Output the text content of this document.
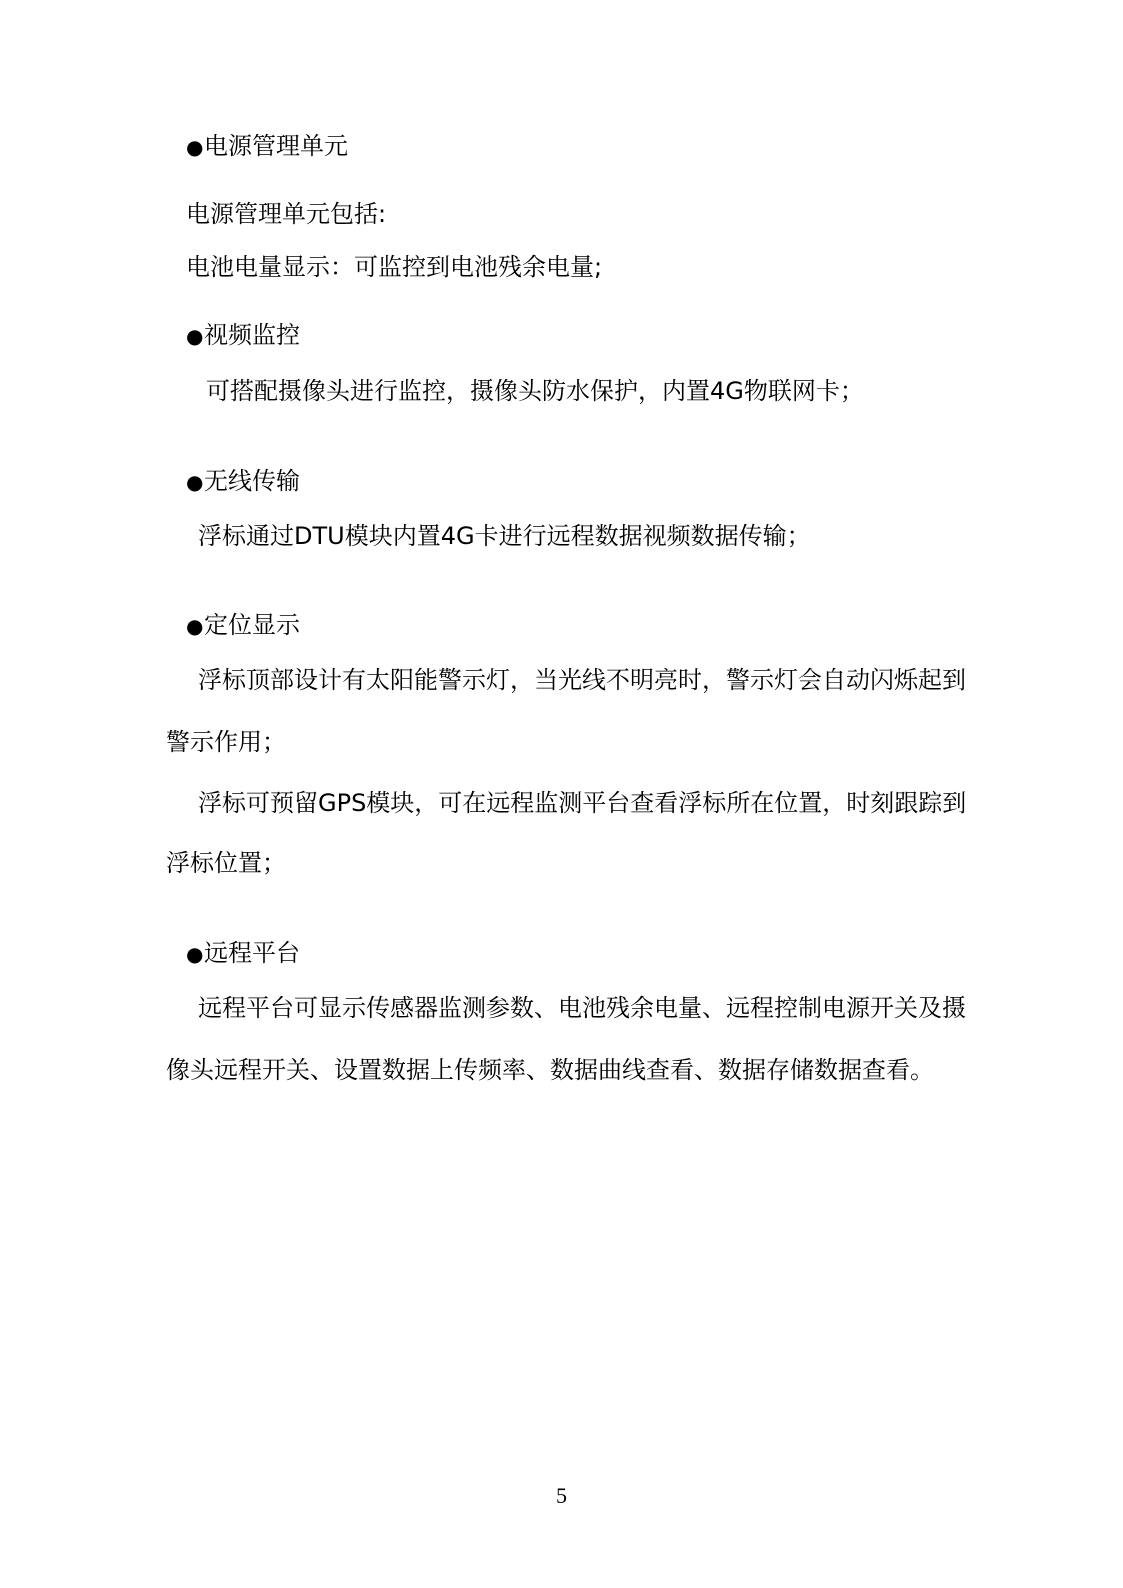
●电源管理单元
电源管理单元包括:
电池电量显示：可监控到电池残余电量;
●视频监控
可搭配摄像头进行监控，摄像头防水保护，内置4G物联网卡；
●无线传输
浮标通过DTU模块内置4G卡进行远程数据视频数据传输；
●定位显示
浮标顶部设计有太阳能警示灯，当光线不明亮时，警示灯会自动闪烁起到
警示作用；
浮标可预留GPS模块，可在远程监测平台查看浮标所在位置，时刻跟踪到
浮标位置；
●远程平台
远程平台可显示传感器监测参数、电池残余电量、远程控制电源开关及摄
像头远程开关、设置数据上传频率、数据曲线查看、数据存储数据查看。
5
